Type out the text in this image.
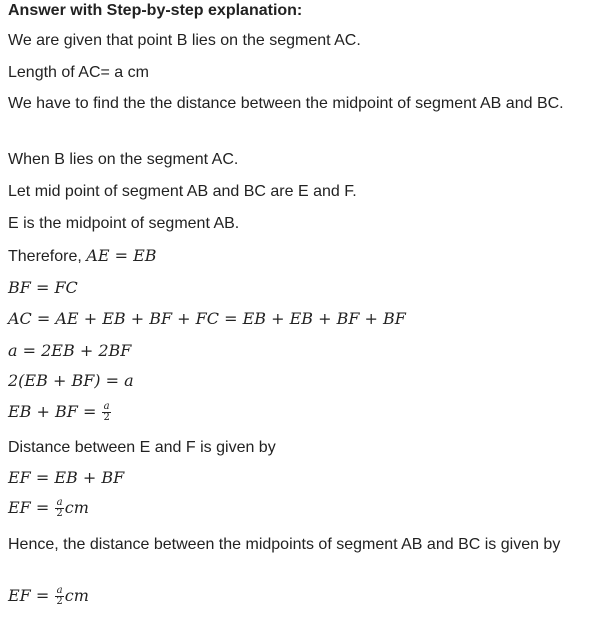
Answer with Step-by-step explanation:
We are given that point B lies on the segment AC.
Length of AC= a cm
We have to find the the distance between the midpoint of segment AB and BC.
When B lies on the segment AC.
Let mid point of segment AB and BC are E and F.
E is the midpoint of segment AB.
Therefore, AE = EB
BF = FC
AC = AE + EB + BF + FC = EB + EB + BF + BF
a = 2EB + 2BF
2(EB + BF) = a
EB + BF = $\frac{a}{2}$
Distance between E and F is given by
EF = EB + BF
EF = $\frac{a}{2}$ cm
Hence, the distance between the midpoints of segment AB and BC is given by
EF = $\frac{a}{2}$ cm
